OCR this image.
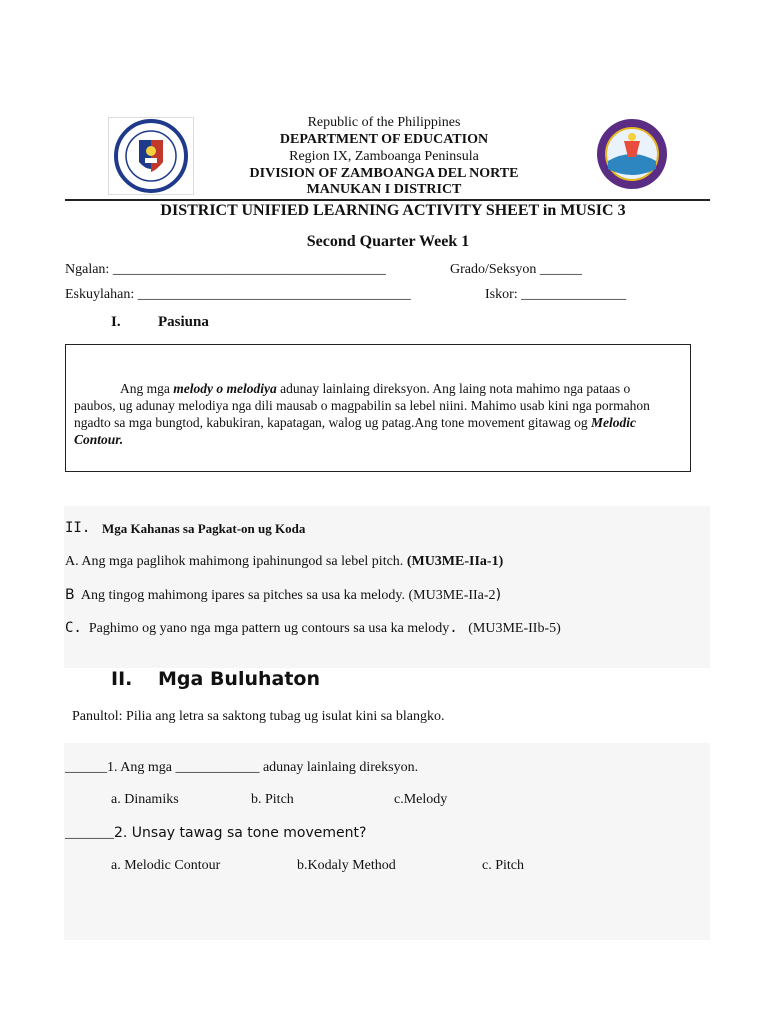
Republic of the Philippines
DEPARTMENT OF EDUCATION
Region IX, Zamboanga Peninsula
DIVISION OF ZAMBOANGA DEL NORTE
MANUKAN I DISTRICT
DISTRICT UNIFIED LEARNING ACTIVITY SHEET in MUSIC 3
Second Quarter Week 1
Ngalan: _______________________________________	Grado/Seksyon ______
Eskuylahan: _______________________________________	Iskor: _______________
I. Pasiuna
Ang mga melody o melodiya adunay lainlaing direksyon. Ang laing nota mahimo nga pataas o paubos, ug adunay melodiya nga dili mausab o magpabilin sa lebel niini. Mahimo usab kini nga pormahon ngadto sa mga bungtod, kabukiran, kapatagan, walog ug patag.Ang tone movement gitawag og Melodic Contour.
II. Mga Kahanas sa Pagkat-on ug Koda
A. Ang mga paglihok mahimong ipahinungod sa lebel pitch. (MU3ME-IIa-1)
B  Ang tingog mahimong ipares sa pitches sa usa ka melody. (MU3ME-IIa-2)
C.  Paghimo og yano nga mga pattern ug contours sa usa ka melody.   (MU3ME-IIb-5)
II. Mga Buluhaton
Panultol: Pilia ang letra sa saktong tubag ug isulat kini sa blangko.
______1. Ang mga ____________ adunay lainlaing direksyon.
a. Dinamiks	b. Pitch	c.Melody
_______2. Unsay tawag sa tone movement?
a. Melodic Contour	b.Kodaly Method	c. Pitch
